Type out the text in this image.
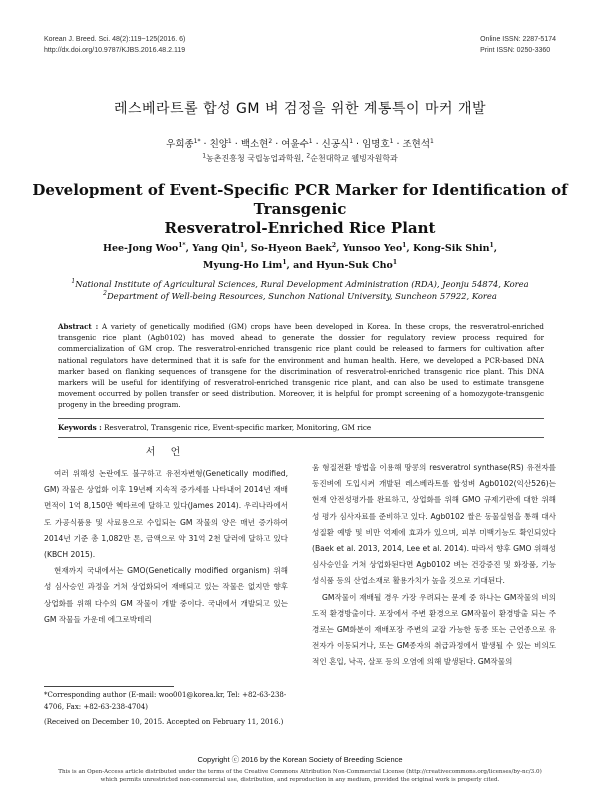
Korean J. Breed. Sci. 48(2):119~125(2016. 6)
http://dx.doi.org/10.9787/KJBS.2016.48.2.119
Online ISSN: 2287-5174
Print ISSN: 0250-3360
레스베라트롤 합성 GM 벼 검정을 위한 계통특이 마커 개발
우희종$^{1*}$ · 친양$^1$ · 백소현$^2$ · 여윤수$^1$ · 신공식$^1$ · 임명호$^1$ · 조현석$^1$
$^1$농촌진흥청 국립농업과학원, $^2$순천대학교 웰빙자원학과
Development of Event-Specific PCR Marker for Identification of Transgenic
Resveratrol-Enriched Rice Plant
Hee-Jong Woo$^{1*}$, Yang Qin$^1$, So-Hyeon Baek$^2$, Yunsoo Yeo$^1$, Kong-Sik Shin$^1$,
Myung-Ho Lim$^1$, and Hyun-Suk Cho$^1$
$^1$National Institute of Agricultural Sciences, Rural Development Administration (RDA), Jeonju 54874, Korea
$^2$Department of Well-being Resources, Sunchon National University, Suncheon 57922, Korea
Abstract : A variety of genetically modified (GM) crops have been developed in Korea. In these crops, the resveratrol-enriched transgenic rice plant (Agb0102) has moved ahead to generate the dossier for regulatory review process required for commercialization of GM crop. The resveratrol-enriched transgenic rice plant could be released to farmers for cultivation after national regulators have determined that it is safe for the environment and human health. Here, we developed a PCR-based DNA marker based on flanking sequences of transgene for the discrimination of resveratrol-enriched transgenic rice plant. This DNA markers will be useful for identifying of resveratrol-enriched transgenic rice plant, and can also be used to estimate transgene movement occurred by pollen transfer or seed distribution. Moreover, it is helpful for prompt screening of a homozygote-transgenic progeny in the breeding program.
Keywords : Resveratrol, Transgenic rice, Event-specific marker, Monitoring, GM rice
서 언

여러 위해성 논란에도 불구하고 유전자변형(Genetically modified, GM) 작물은 상업화 이후 19년째 지속적 증가세를 나타내어 2014년 재배면적이 1억 8,150만 헥타르에 달하고 있다(James 2014). 우리나라에서도 가공식품용 및 사료용으로 수입되는 GM 작물의 양은 매년 증가하여 2014년 기준 총 1,082만 톤, 금액으로 약 31억 2천 달러에 달하고 있다(KBCH 2015).

현재까지 국내에서는 GMO(Genetically modified organism) 위해성 심사승인 과정을 거쳐 상업화되어 재배되고 있는 작물은 없지만 향후 상업화를 위해 다수의 GM 작물이 개발 중이다. 국내에서 개발되고 있는 GM 작물들 가운데 에그로박테리

움 형질전환 방법을 이용해 땅콩의 resveratrol synthase(RS) 유전자를 동진벼에 도입시켜 개발된 레스베라트롤 합성벼 Agb0102(익산526)는 현재 안전성평가를 완료하고, 상업화를 위해 GMO 규제기관에 대한 위해성 평가 심사자료를 준비하고 있다. Agb0102 쌀은 동물실험을 통해 대사성질환 예방 및 비만 억제에 효과가 있으며, 피부 미백기능도 확인되었다(Baek et al. 2013, 2014, Lee et al. 2014). 따라서 향후 GMO 위해성 심사승인을 거쳐 상업화된다면 Agb0102 벼는 건강증진 및 화장품, 기능성식품 등의 산업소재로 활용가치가 높을 것으로 기대된다.

GM작물이 재배될 경우 가장 우려되는 문제 중 하나는 GM작물의 비의도적 환경방출이다. 포장에서 주변 환경으로 GM작물이 환경방출 되는 주 경로는 GM화분이 재배포장 주변의 교잡 가능한 동종 또는 근연종으로 유전자가 이동되거나, 또는 GM종자의 취급과정에서 발생될 수 있는 비의도적인 혼입, 낙곡, 살포 등의 오염에 의해 발생된다. GM작물의

*Corresponding author (E-mail: woo001@korea.kr, Tel: +82-63-238-4706, Fax: +82-63-238-4704)
(Received on December 10, 2015. Accepted on February 11, 2016.)
Copyright ⓒ 2016 by the Korean Society of Breeding Science
This is an Open-Access article distributed under the terms of the Creative Commons Attribution Non-Commercial License (http://creativecommons.org/licenses/by-nc/3.0) which permits unrestricted non-commercial use, distribution, and reproduction in any medium, provided the original work is properly cited.
